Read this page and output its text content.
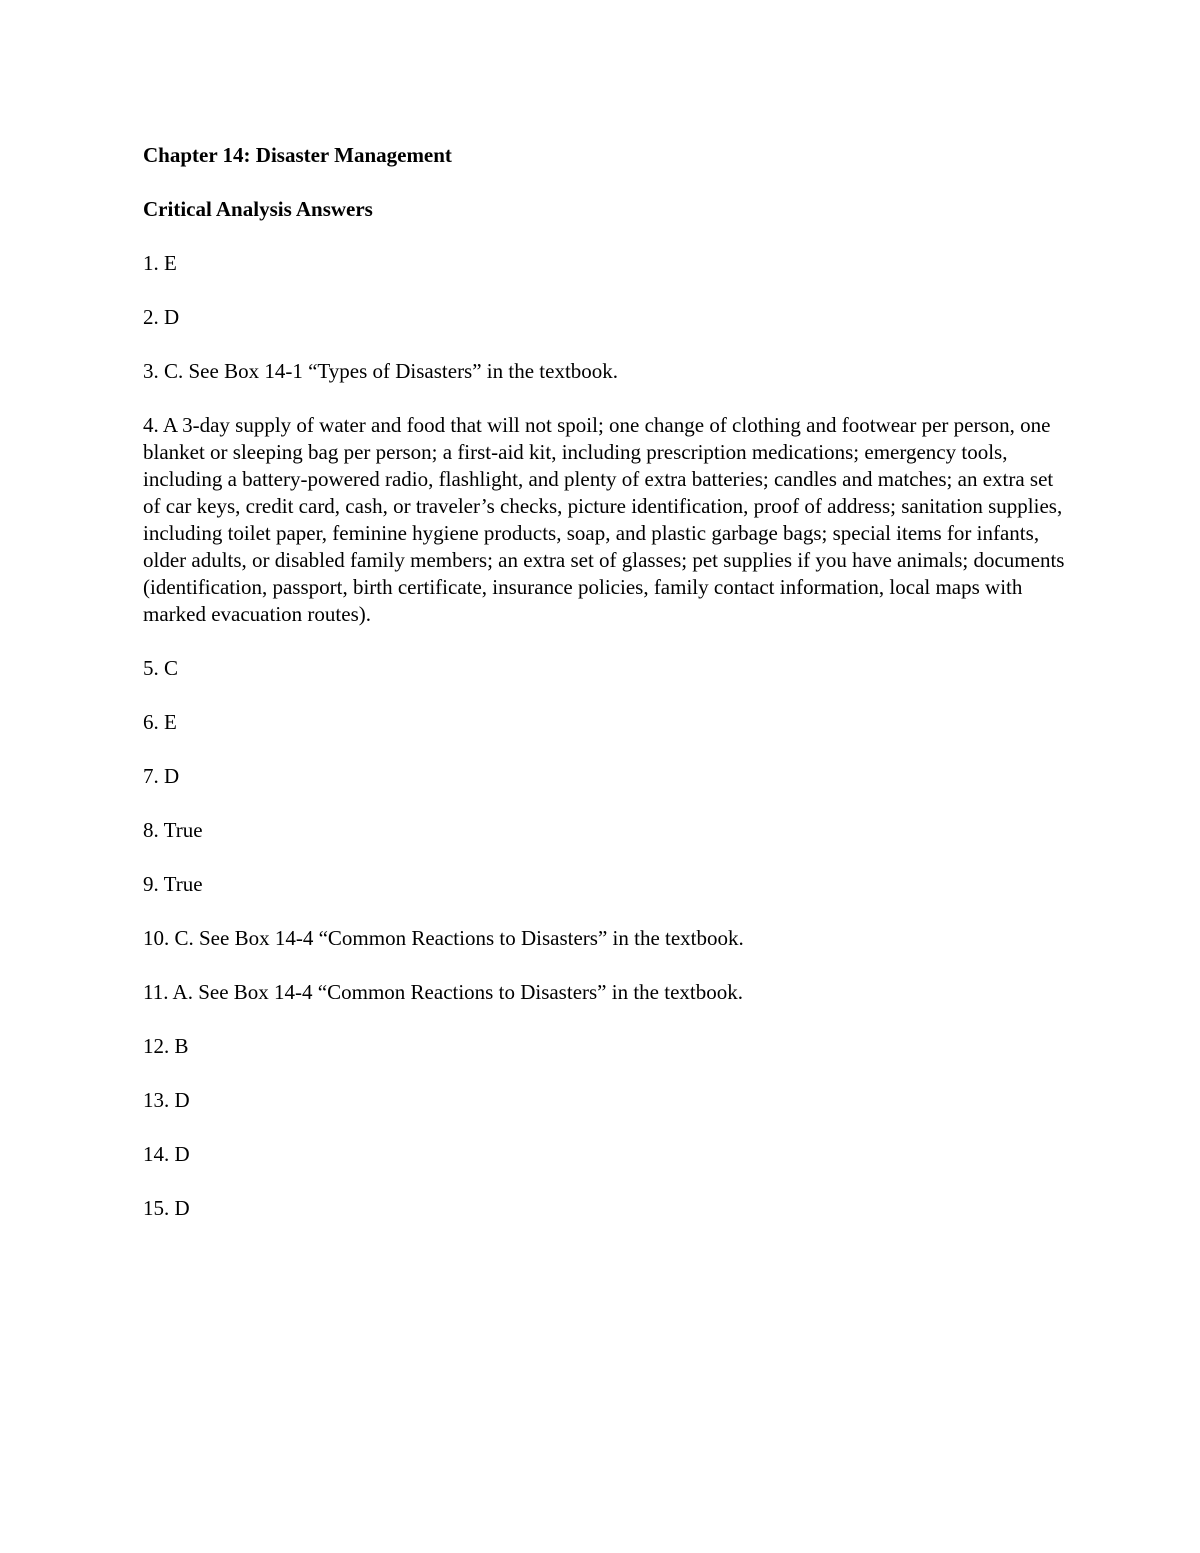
Chapter 14: Disaster Management

Critical Analysis Answers

1. E

2. D

3. C. See Box 14-1 “Types of Disasters” in the textbook.

4. A 3-day supply of water and food that will not spoil; one change of clothing and footwear per person, one blanket or sleeping bag per person; a first-aid kit, including prescription medications; emergency tools, including a battery-powered radio, flashlight, and plenty of extra batteries; candles and matches; an extra set of car keys, credit card, cash, or traveler’s checks, picture identification, proof of address; sanitation supplies, including toilet paper, feminine hygiene products, soap, and plastic garbage bags; special items for infants, older adults, or disabled family members; an extra set of glasses; pet supplies if you have animals; documents (identification, passport, birth certificate, insurance policies, family contact information, local maps with marked evacuation routes).

5. C

6. E

7. D

8. True

9. True

10. C. See Box 14-4 “Common Reactions to Disasters” in the textbook.

11. A. See Box 14-4 “Common Reactions to Disasters” in the textbook.

12. B

13. D

14. D

15. D
